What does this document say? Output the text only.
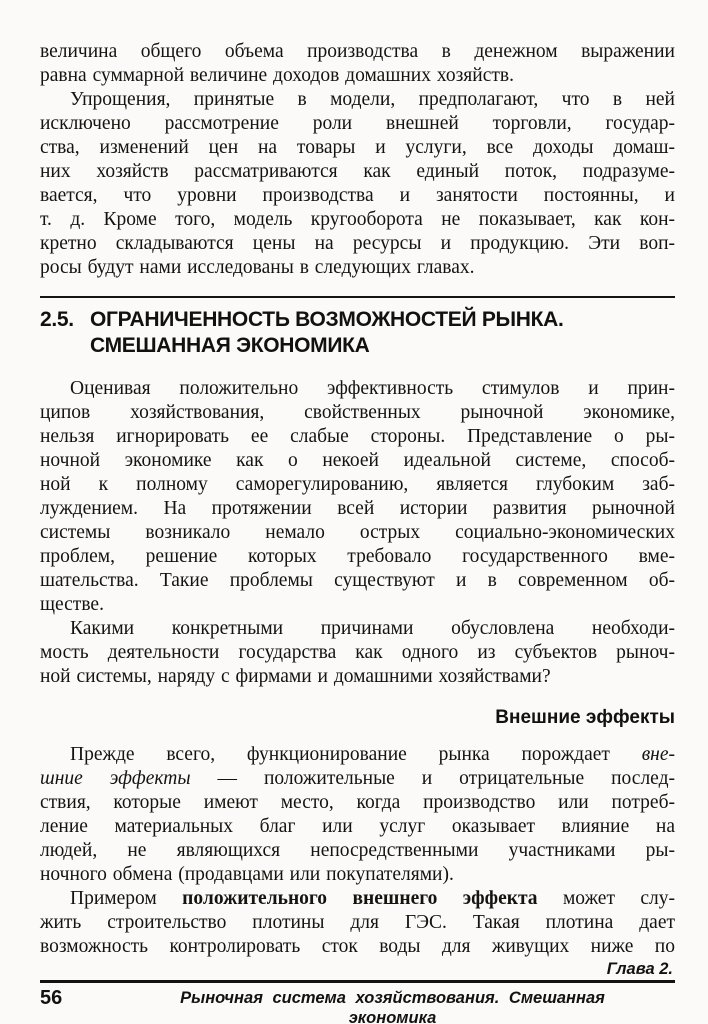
величина общего объема производства в денежном выражении
равна суммарной величине доходов домашних хозяйств.
Упрощения, принятые в модели, предполагают, что в ней
исключено рассмотрение роли внешней торговли, государ-
ства, изменений цен на товары и услуги, все доходы домаш-
них хозяйств рассматриваются как единый поток, подразуме-
вается, что уровни производства и занятости постоянны, и
т. д. Кроме того, модель кругооборота не показывает, как кон-
кретно складываются цены на ресурсы и продукцию. Эти воп-
росы будут нами исследованы в следующих главах.
2.5. ОГРАНИЧЕННОСТЬ ВОЗМОЖНОСТЕЙ РЫНКА.
СМЕШАННАЯ ЭКОНОМИКА
Оценивая положительно эффективность стимулов и прин-
ципов хозяйствования, свойственных рыночной экономике,
нельзя игнорировать ее слабые стороны. Представление о ры-
ночной экономике как о некоей идеальной системе, способ-
ной к полному саморегулированию, является глубоким заб-
луждением. На протяжении всей истории развития рыночной
системы возникало немало острых социально-экономических
проблем, решение которых требовало государственного вме-
шательства. Такие проблемы существуют и в современном об-
ществе.
Какими конкретными причинами обусловлена необходи-
мость деятельности государства как одного из субъектов рыноч-
ной системы, наряду с фирмами и домашними хозяйствами?
Внешние эффекты
Прежде всего, функционирование рынка порождает вне-
шние эффекты — положительные и отрицательные послед-
ствия, которые имеют место, когда производство или потреб-
ление материальных благ или услуг оказывает влияние на
людей, не являющихся непосредственными участниками ры-
ночного обмена (продавцами или покупателями).
Примером положительного внешнего эффекта может слу-
жить строительство плотины для ГЭС. Такая плотина дает
возможность контролировать сток воды для живущих ниже по
Глава 2.
56	Рыночная система хозяйствования. Смешанная экономика
